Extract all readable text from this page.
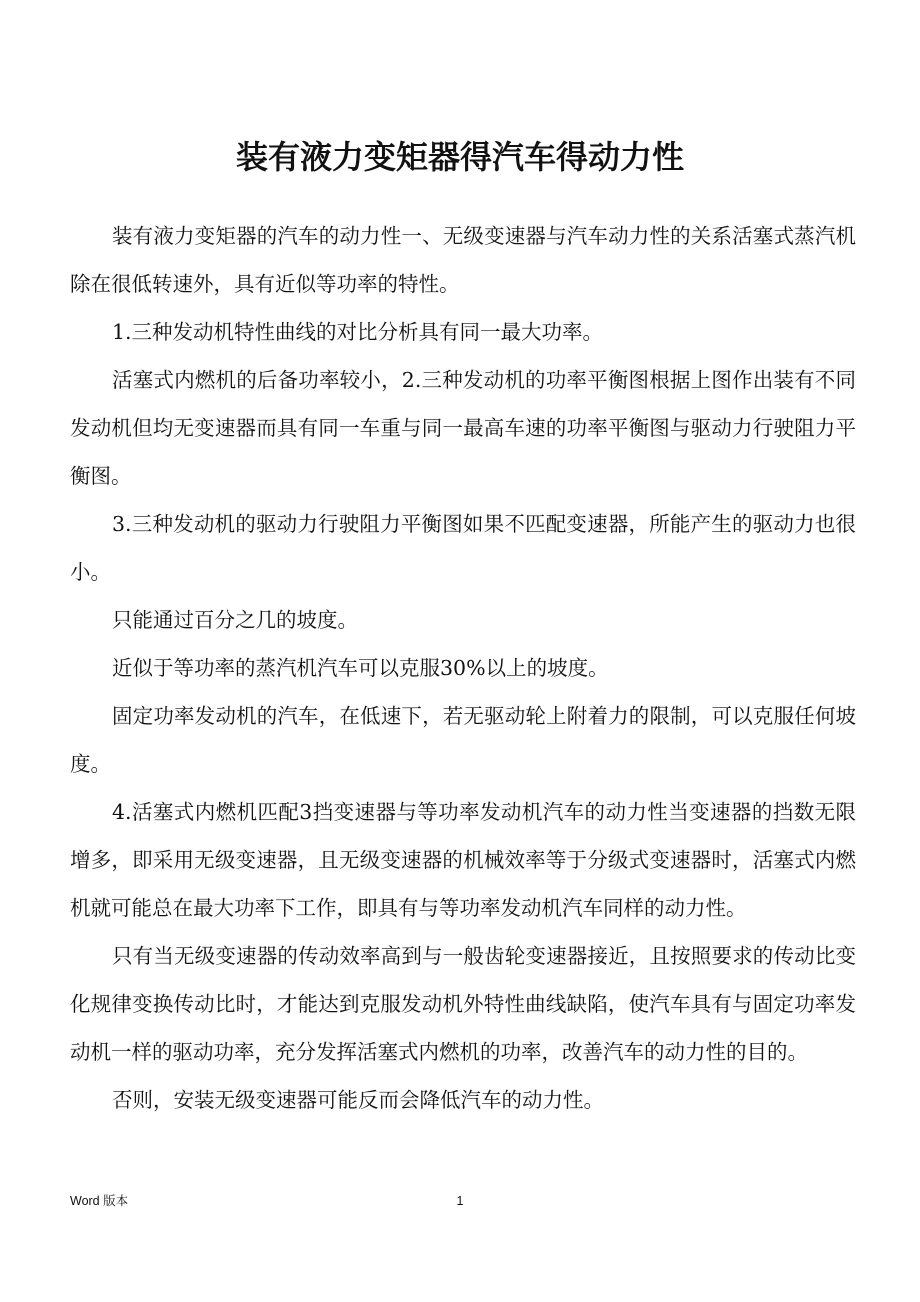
装有液力变矩器得汽车得动力性

装有液力变矩器的汽车的动力性一、无级变速器与汽车动力性的关系活塞式蒸汽机除在很低转速外，具有近似等功率的特性。

1.三种发动机特性曲线的对比分析具有同一最大功率。

活塞式内燃机的后备功率较小，2.三种发动机的功率平衡图根据上图作出装有不同发动机但均无变速器而具有同一车重与同一最高车速的功率平衡图与驱动力行驶阻力平衡图。

3.三种发动机的驱动力行驶阻力平衡图如果不匹配变速器，所能产生的驱动力也很小。

只能通过百分之几的坡度。

近似于等功率的蒸汽机汽车可以克服30%以上的坡度。

固定功率发动机的汽车，在低速下，若无驱动轮上附着力的限制，可以克服任何坡度。

4.活塞式内燃机匹配3挡变速器与等功率发动机汽车的动力性当变速器的挡数无限增多，即采用无级变速器，且无级变速器的机械效率等于分级式变速器时，活塞式内燃机就可能总在最大功率下工作，即具有与等功率发动机汽车同样的动力性。

只有当无级变速器的传动效率高到与一般齿轮变速器接近，且按照要求的传动比变化规律变换传动比时，才能达到克服发动机外特性曲线缺陷，使汽车具有与固定功率发动机一样的驱动功率，充分发挥活塞式内燃机的功率，改善汽车的动力性的目的。

否则，安装无级变速器可能反而会降低汽车的动力性。

Word 版本	1
